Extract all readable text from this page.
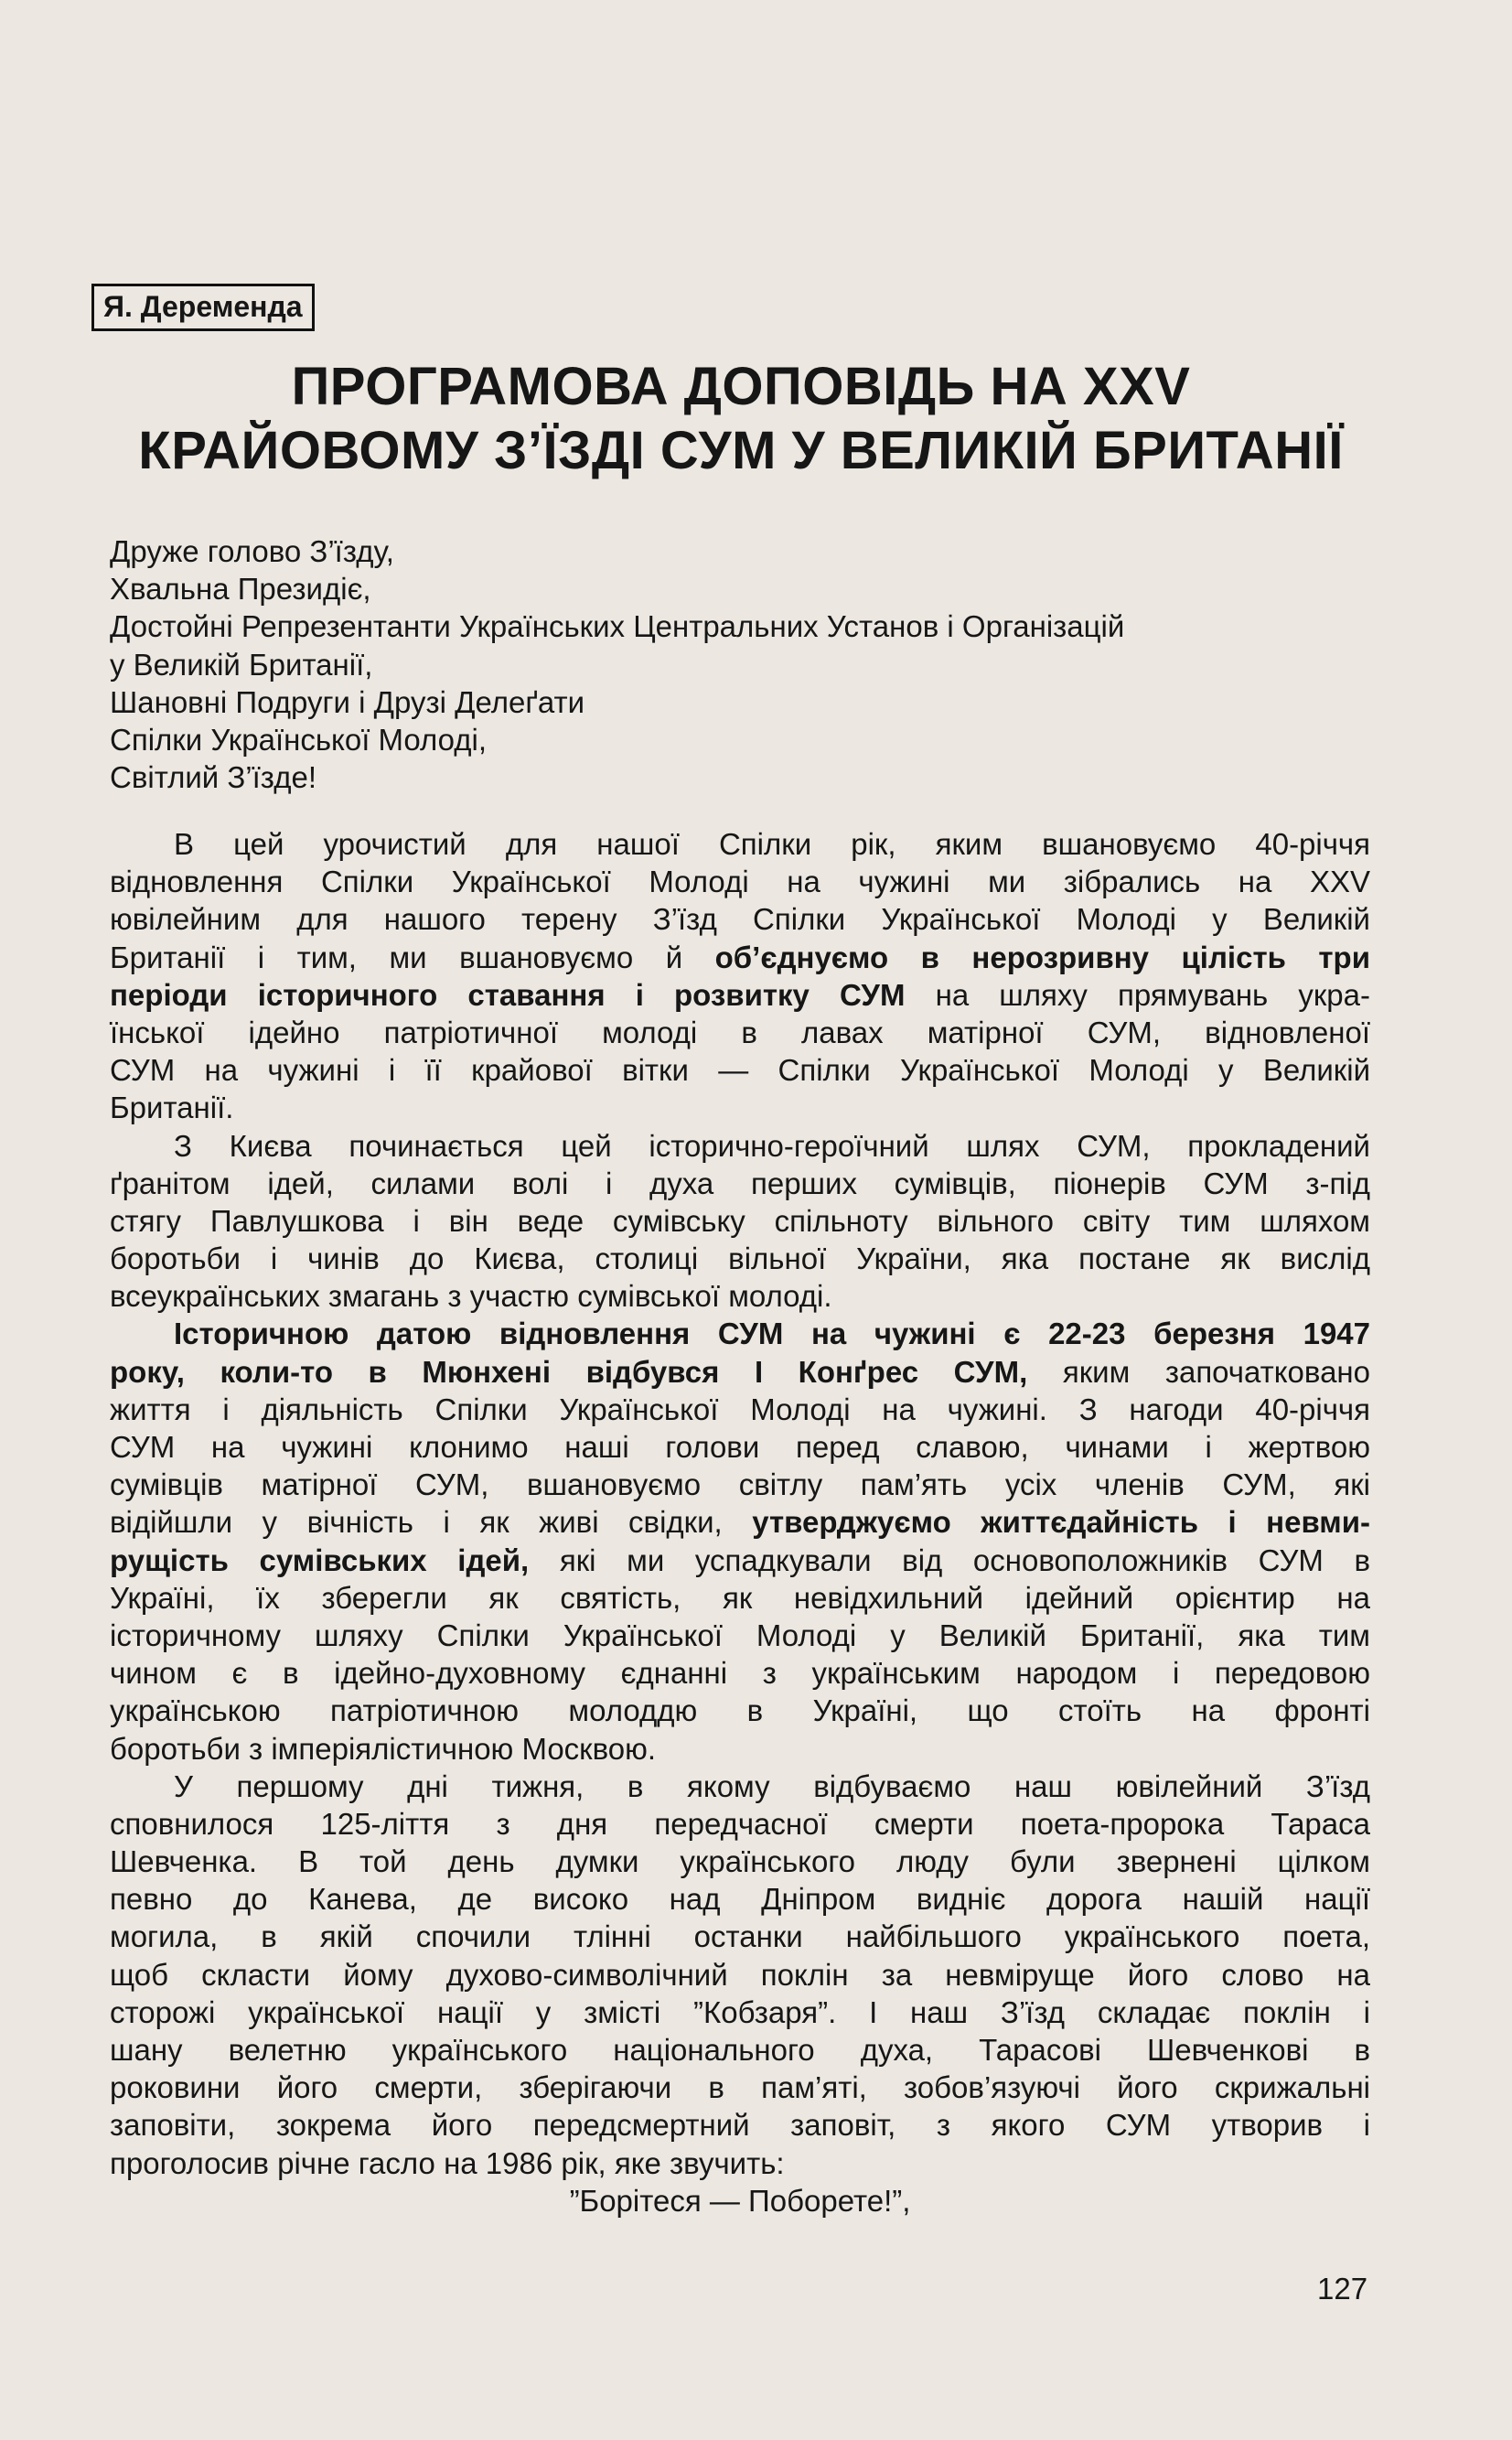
Я. Деременда
ПРОГРАМОВА ДОПОВІДЬ НА XXV
КРАЙОВОМУ З’ЇЗДІ СУМ У ВЕЛИКІЙ БРИТАНІЇ
Друже голово З’їзду,
Хвальна Президіє,
Достойні Репрезентанти Українських Центральних Установ і Організацій
у Великій Британії,
Шановні Подруги і Друзі Делеґати
Спілки Української Молоді,
Світлий З’їзде!
В цей урочистий для нашої Спілки рік, яким вшановуємо 40-річчя
відновлення Спілки Української Молоді на чужині ми зібрались на XXV
ювілейним для нашого терену З’їзд Спілки Української Молоді у Великій
Британії і тим, ми вшановуємо й об’єднуємо в нерозривну цілість три
періоди історичного ставання і розвитку СУМ на шляху прямувань укра-
їнської ідейно патріотичної молоді в лавах матірної СУМ, відновленої
СУМ на чужині і її крайової вітки — Спілки Української Молоді у Великій
Британії.
З Києва починається цей історично-героїчний шлях СУМ, прокладений
ґранітом ідей, силами волі і духа перших сумівців, піонерів СУМ з-під
стягу Павлушкова і він веде сумівську спільноту вільного світу тим шляхом
боротьби і чинів до Києва, столиці вільної України, яка постане як вислід
всеукраїнських змагань з участю сумівської молоді.
Історичною датою відновлення СУМ на чужині є 22-23 березня 1947
року, коли-то в Мюнхені відбувся І Конґрес СУМ, яким започатковано
життя і діяльність Спілки Української Молоді на чужині. З нагоди 40-річчя
СУМ на чужині клонимо наші голови перед славою, чинами і жертвою
сумівців матірної СУМ, вшановуємо світлу пам’ять усіх членів СУМ, які
відійшли у вічність і як живі свідки, утверджуємо життєдайність і невми-
рущість сумівських ідей, які ми успадкували від основоположників СУМ в
Україні, їх зберегли як святість, як невідхильний ідейний орієнтир на
історичному шляху Спілки Української Молоді у Великій Британії, яка тим
чином є в ідейно-духовному єднанні з українським народом і передовою
українською патріотичною молоддю в Україні, що стоїть на фронті
боротьби з імперіялістичною Москвою.
У першому дні тижня, в якому відбуваємо наш ювілейний З’їзд
сповнилося 125-ліття з дня передчасної смерти поета-пророка Тараса
Шевченка. В той день думки українського люду були звернені цілком
певно до Канева, де високо над Дніпром видніє дорога нашій нації
могила, в якій спочили тлінні останки найбільшого українського поета,
щоб скласти йому духово-символічний поклін за невміруще його слово на
сторожі української нації у змісті ”Кобзаря”. І наш З’їзд складає поклін і
шану велетню українського національного духа, Тарасові Шевченкові в
роковини його смерти, зберігаючи в пам’яті, зобов’язуючі його скрижальні
заповіти, зокрема його передсмертний заповіт, з якого СУМ утворив і
проголосив річне гасло на 1986 рік, яке звучить:
”Борітеся — Поборете!”,
127
